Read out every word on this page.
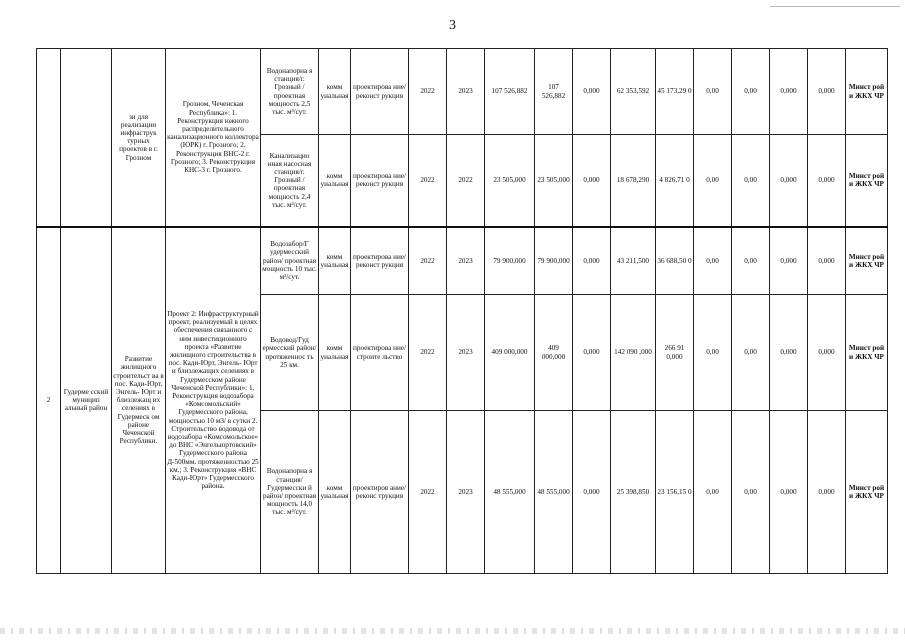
3
		зи для реализации инфраструк турных проектов в г. Грозном	Грозном, Чеченская Республика»: 1. Реконструкция южного распределительного канализационного коллектора (ЮРК) г. Грозного; 2. Реконструкция ВНС-2 г. Грозного; 3. Реконструкция КНС-3 г. Грозного.	Водонапорна я станция/г. Грозный / проектная мощность 2,5 тыс. м³/сут.	комм унальная	проектирова ние/реконст рукция	2022	2023	107 526,882	107 526,882	0,000	62 353,592	45 173,29 0	0,00	0,00	0,000	0,000	Минст рой и ЖКХ ЧР
				Канализацио нная насосная станция/г. Грозный / проектная мощность 2,4 тыс. м³/сут.	комм унальная	проектирова ние/реконст рукция	2022	2022	23 505,000	23 505,000	0,000	18 678,290	4 826,71 0	0,00	0,00	0,000	0,000	Минст рой и ЖКХ ЧР
2	Гудерме сский муницип альный район	Развитие жилищного строительст ва в пос. Кади-Юрт, Энгель- Юрт и близлежащ их селениях в Гудермеск ом районе Чеченской Республики.	Проект 2: Инфраструктурный проект, реализуемый в целях обеспечения связанного с ним инвестиционного проекта «Развитие жилищного строительства в пос. Кади-Юрт, Энгель- Юрт и близлежащих селениях в Гудермесском районе Чеченской Республики»: 1. Реконструкция водозабора «Комсомольский» Гудермесского района, мощностью 10 м3/ в сутки 2. Строительство водовода от водозабора «Комсомольское» до ВНС «Энгельюртовский» Гудермесского района Д-500мм. протяженностью 25 км.; 3. Реконструкция «ВНС Кади-Юрт» Гудермесского района.	Водозабор/Г удермесский район/ проектная мощность 10 тыс. м³/сут.	комм унальная	проектирова ние/реконст рукция	2022	2023	79 900,000	79 900,000	0,000	43 211,500	36 688,50 0	0,00	0,00	0,000	0,000	Минст рой и ЖКХ ЧР
				Водовод/Гуд ермесский район/ протяженнос ть 25 км.	комм унальная	проектирова ние/строите льство	2022	2023	409 000,000	409 000,000	0,000	142 090 ,000	266 91 0,000	0,00	0,00	0,000	0,000	Минст рой и ЖКХ ЧР
				Водонапорна я станция/ Гудермесски й район/ проектная мощность 14,0 тыс. м³/сут.	комм унальная	проектиров ание/реконс трукция	2022	2023	48 555,000	48 555,000	0,000	25 398,850	23 156,15 0	0,00	0,00	0,000	0,000	Минст рой и ЖКХ ЧР
